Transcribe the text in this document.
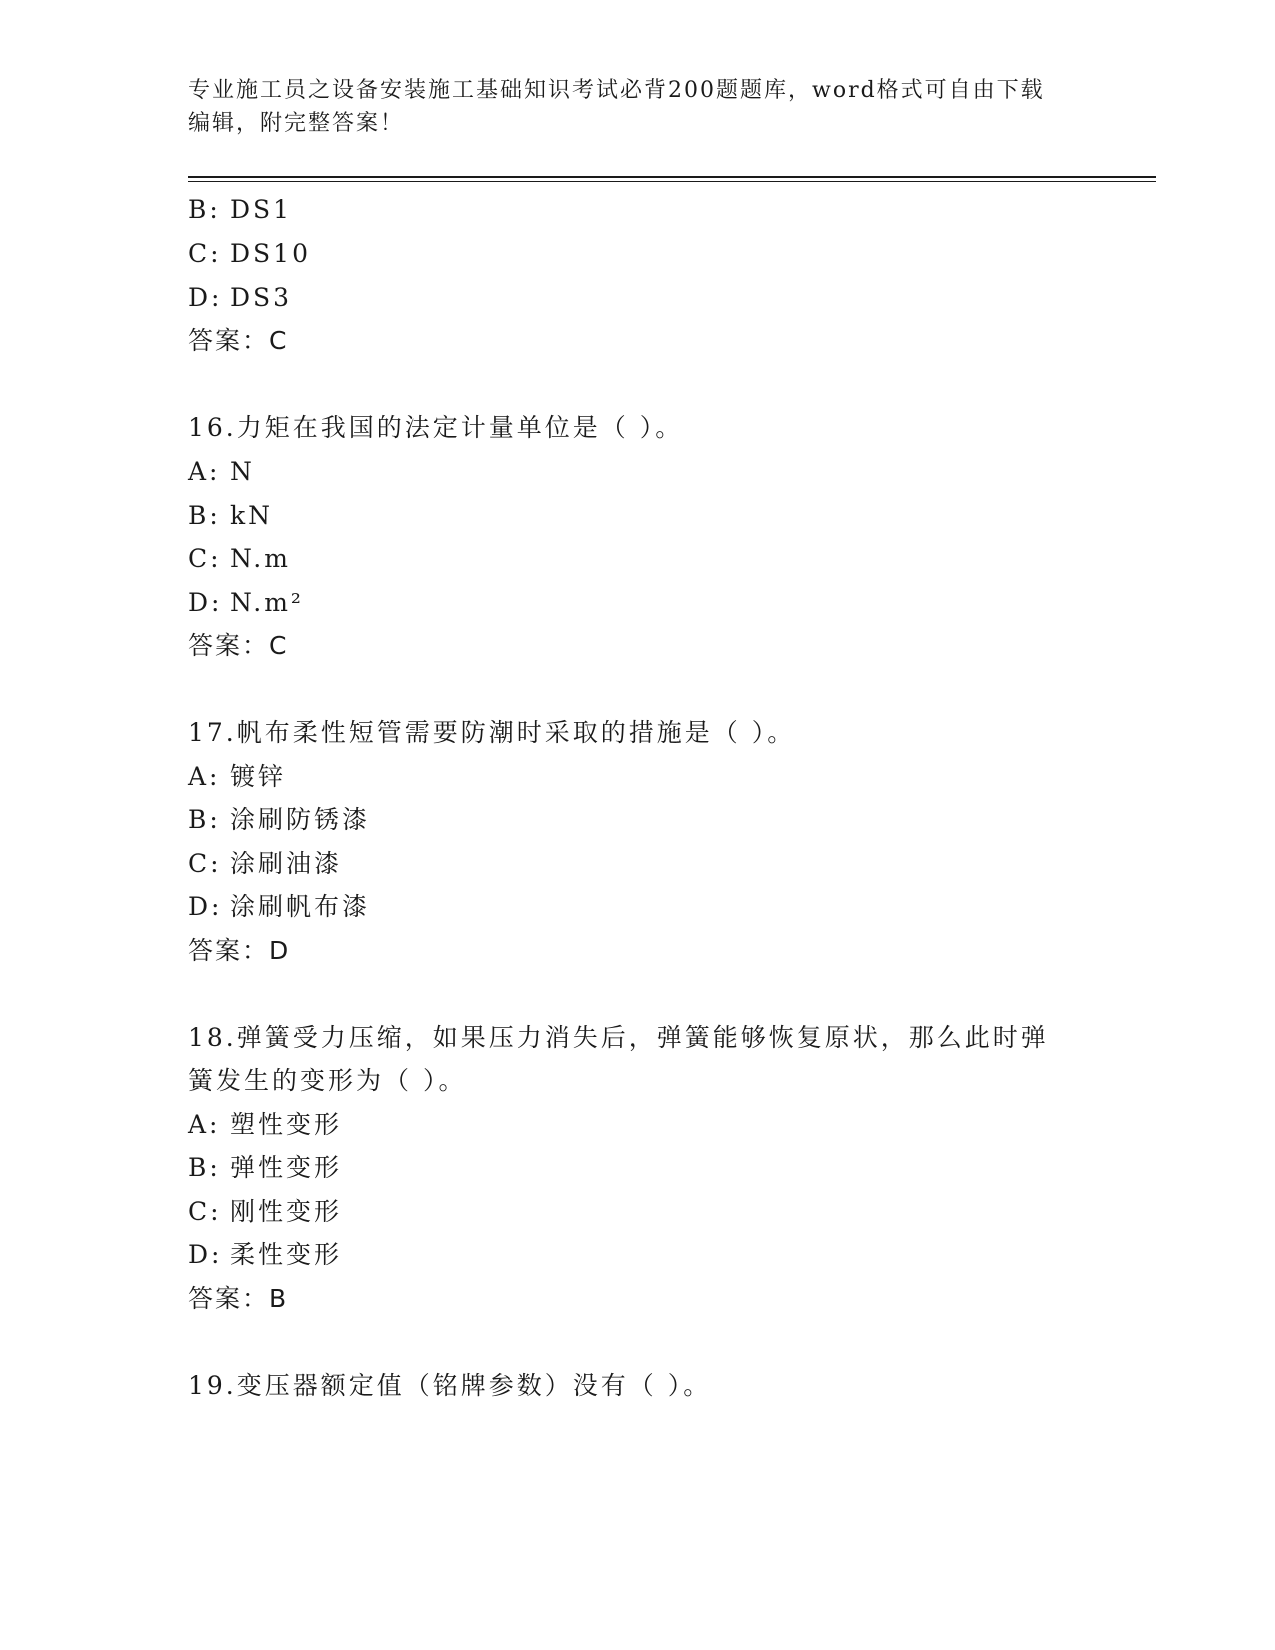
专业施工员之设备安装施工基础知识考试必背200题题库，word格式可自由下载
编辑，附完整答案！
B: DS1
C: DS10
D: DS3
答案：C
16.力矩在我国的法定计量单位是（ ）。
A: N
B: kN
C: N.m
D: N.m²
答案：C
17.帆布柔性短管需要防潮时采取的措施是（ ）。
A: 镀锌
B: 涂刷防锈漆
C: 涂刷油漆
D: 涂刷帆布漆
答案：D
18.弹簧受力压缩，如果压力消失后，弹簧能够恢复原状，那么此时弹
簧发生的变形为（ ）。
A: 塑性变形
B: 弹性变形
C: 刚性变形
D: 柔性变形
答案：B
19.变压器额定值（铭牌参数）没有（ ）。
